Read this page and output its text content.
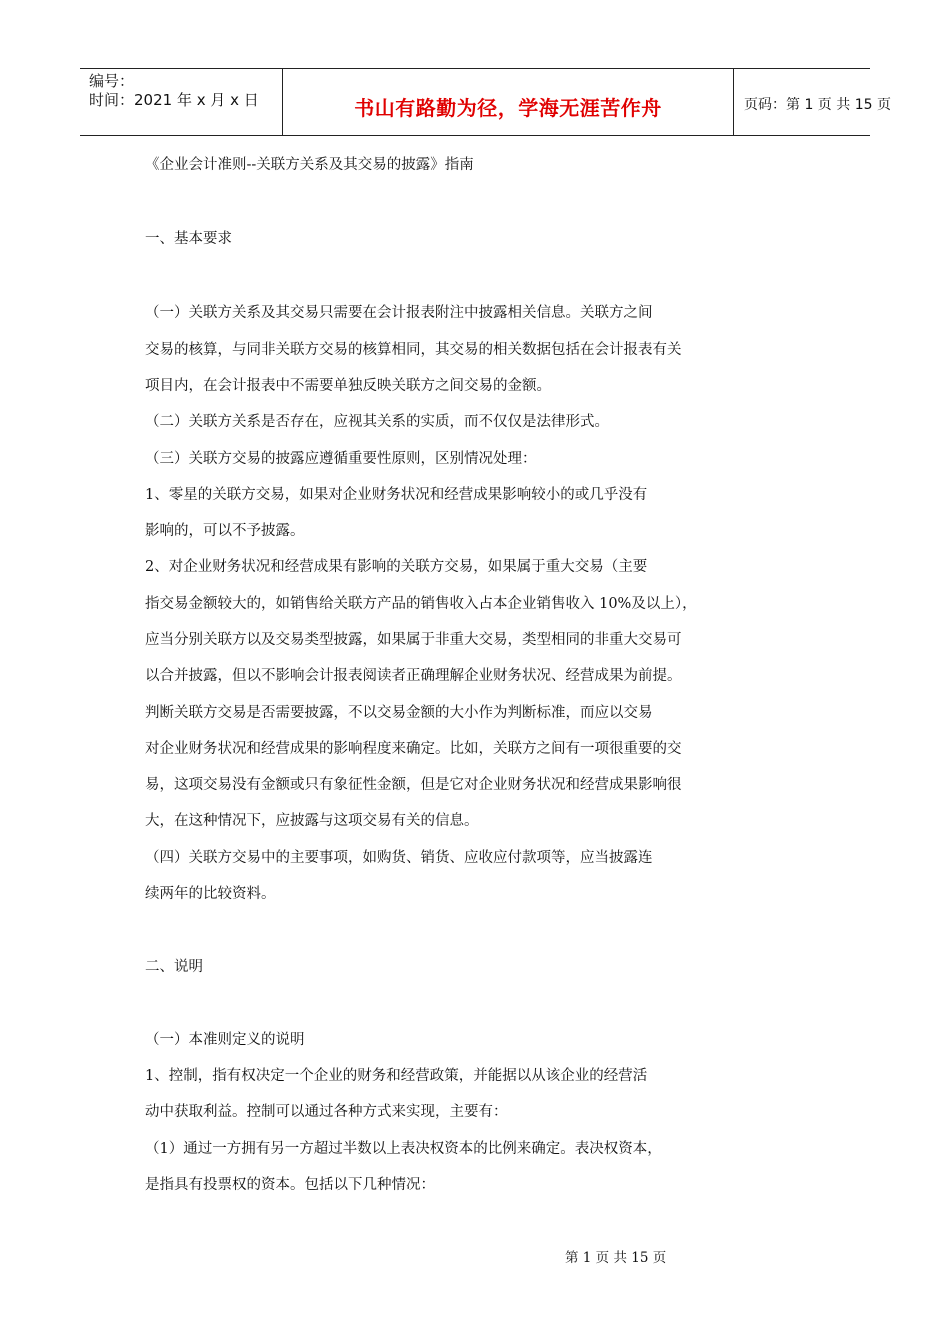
编号：
时间：2021 年 x 月 x 日	书山有路勤为径，学海无涯苦作舟	页码：第 1 页 共 15 页
《企业会计准则--关联方关系及其交易的披露》指南
一、基本要求
（一）关联方关系及其交易只需要在会计报表附注中披露相关信息。关联方之间
交易的核算，与同非关联方交易的核算相同，其交易的相关数据包括在会计报表有关
项目内，在会计报表中不需要单独反映关联方之间交易的金额。
（二）关联方关系是否存在，应视其关系的实质，而不仅仅是法律形式。
（三）关联方交易的披露应遵循重要性原则，区别情况处理：
1、零星的关联方交易，如果对企业财务状况和经营成果影响较小的或几乎没有
影响的，可以不予披露。
2、对企业财务状况和经营成果有影响的关联方交易，如果属于重大交易（主要
指交易金额较大的，如销售给关联方产品的销售收入占本企业销售收入 10%及以上），
应当分别关联方以及交易类型披露，如果属于非重大交易，类型相同的非重大交易可
以合并披露，但以不影响会计报表阅读者正确理解企业财务状况、经营成果为前提。
判断关联方交易是否需要披露，不以交易金额的大小作为判断标准，而应以交易
对企业财务状况和经营成果的影响程度来确定。比如，关联方之间有一项很重要的交
易，这项交易没有金额或只有象征性金额，但是它对企业财务状况和经营成果影响很
大，在这种情况下，应披露与这项交易有关的信息。
（四）关联方交易中的主要事项，如购货、销货、应收应付款项等，应当披露连
续两年的比较资料。
二、说明
（一）本准则定义的说明
1、控制，指有权决定一个企业的财务和经营政策，并能据以从该企业的经营活
动中获取利益。控制可以通过各种方式来实现，主要有：
（1）通过一方拥有另一方超过半数以上表决权资本的比例来确定。表决权资本，
是指具有投票权的资本。包括以下几种情况：
第 1 页 共 15 页
